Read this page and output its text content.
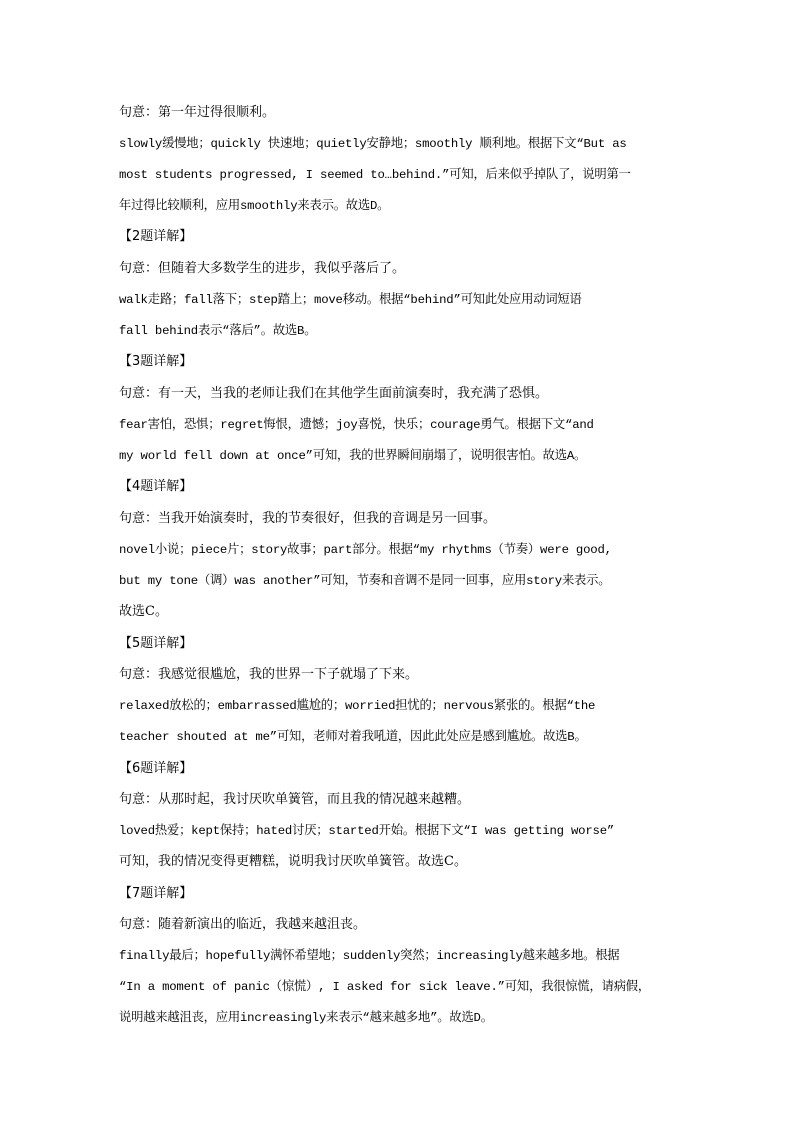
句意：第一年过得很顺利。
slowly缓慢地；quickly 快速地；quietly安静地；smoothly 顺利地。根据下文“But as
most students progressed, I seemed to…behind.”可知，后来似乎掉队了，说明第一
年过得比较顺利，应用smoothly来表示。故选D。
【2题详解】
句意：但随着大多数学生的进步，我似乎落后了。
walk走路；fall落下；step踏上；move移动。根据“behind”可知此处应用动词短语
fall behind表示“落后”。故选B。
【3题详解】
句意：有一天，当我的老师让我们在其他学生面前演奏时，我充满了恐惧。
fear害怕，恐惧；regret悔恨，遗憾；joy喜悦，快乐；courage勇气。根据下文“and
my world fell down at once”可知，我的世界瞬间崩塌了，说明很害怕。故选A。
【4题详解】
句意：当我开始演奏时，我的节奏很好，但我的音调是另一回事。
novel小说；piece片；story故事；part部分。根据“my rhythms（节奏）were good,
but my tone（调）was another”可知，节奏和音调不是同一回事，应用story来表示。
故选C。
【5题详解】
句意：我感觉很尴尬，我的世界一下子就塌了下来。
relaxed放松的；embarrassed尴尬的；worried担忧的；nervous紧张的。根据“the
teacher shouted at me”可知，老师对着我吼道，因此此处应是感到尴尬。故选B。
【6题详解】
句意：从那时起，我讨厌吹单簧管，而且我的情况越来越糟。
loved热爱；kept保持；hated讨厌；started开始。根据下文“I was getting worse”
可知，我的情况变得更糟糕，说明我讨厌吹单簧管。故选C。
【7题详解】
句意：随着新演出的临近，我越来越沮丧。
finally最后；hopefully满怀希望地；suddenly突然；increasingly越来越多地。根据
“In a moment of panic（惊慌）, I asked for sick leave.”可知，我很惊慌，请病假，
说明越来越沮丧，应用increasingly来表示“越来越多地”。故选D。
